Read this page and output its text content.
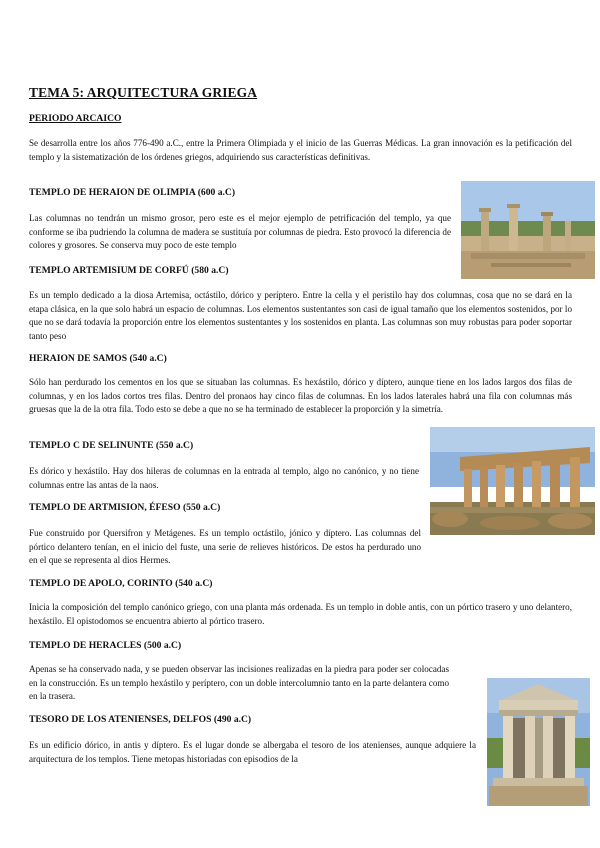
TEMA 5: ARQUITECTURA GRIEGA
PERIODO ARCAICO

Se desarrolla entre los años 776-490 a.C., entre la Primera Olimpiada y el inicio de las Guerras Médicas. La gran innovación es la petificación del templo y la sistematización de los órdenes griegos, adquiriendo sus características definitivas.

TEMPLO DE HERAION DE OLIMPIA (600 a.C)

Las columnas no tendrán un mismo grosor, pero este es el mejor ejemplo de petrificación del templo, ya que conforme se iba pudriendo la columna de madera se sustituía por columnas de piedra. Esto provocó la diferencia de colores y grosores. Se conserva muy poco de este templo

TEMPLO ARTEMISIUM DE CORFÚ (580 a.C)

Es un templo dedicado a la diosa Artemisa, octástilo, dórico y períptero. Entre la cella y el peristilo hay dos columnas, cosa que no se dará en la etapa clásica, en la que solo habrá un espacio de columnas. Los elementos sustentantes son casi de igual tamaño que los elementos sostenidos, por lo que no se dará todavía la proporción entre los elementos sustentantes y los sostenidos en planta. Las columnas son muy robustas para poder soportar tanto peso

HERAION DE SAMOS (540 a.C)

Sólo han perdurado los cementos en los que se situaban las columnas. Es hexástilo, dórico y díptero, aunque tiene en los lados largos dos filas de columnas, y en los lados cortos tres filas. Dentro del pronaos hay cinco filas de columnas. En los lados laterales habrá una fila con columnas más gruesas que la de la otra fila. Todo esto se debe a que no se ha terminado de establecer la proporción y la simetría.

TEMPLO C DE SELINUNTE (550 a.C)

Es dórico y hexástilo. Hay dos hileras de columnas en la entrada al templo, algo no canónico, y no tiene columnas entre las antas de la naos.

TEMPLO DE ARTMISION, ÉFESO (550 a.C)

Fue construido por Quersifron y Metágenes. Es un templo octástilo, jónico y díptero. Las columnas del pórtico delantero tenían, en el inicio del fuste, una serie de relieves históricos. De estos ha perdurado uno en el que se representa al dios Hermes.

TEMPLO DE APOLO, CORINTO (540 a.C)

Inicia la composición del templo canónico griego, con una planta más ordenada. Es un templo in doble antis, con un pórtico trasero y uno delantero, hexástilo. El opistodomos se encuentra abierto al pórtico trasero.

TEMPLO DE HERACLES (500 a.C)

Apenas se ha conservado nada, y se pueden observar las incisiones realizadas en la piedra para poder ser colocadas en la construcción. Es un templo hexástilo y períptero, con un doble intercolumnio tanto en la parte delantera como en la trasera.

TESORO DE LOS ATENIENSES, DELFOS (490 a.C)

Es un edificio dórico, in antis y díptero. Es el lugar donde se albergaba el tesoro de los atenienses, aunque adquiere la arquitectura de los templos. Tiene metopas historiadas con episodios de la
